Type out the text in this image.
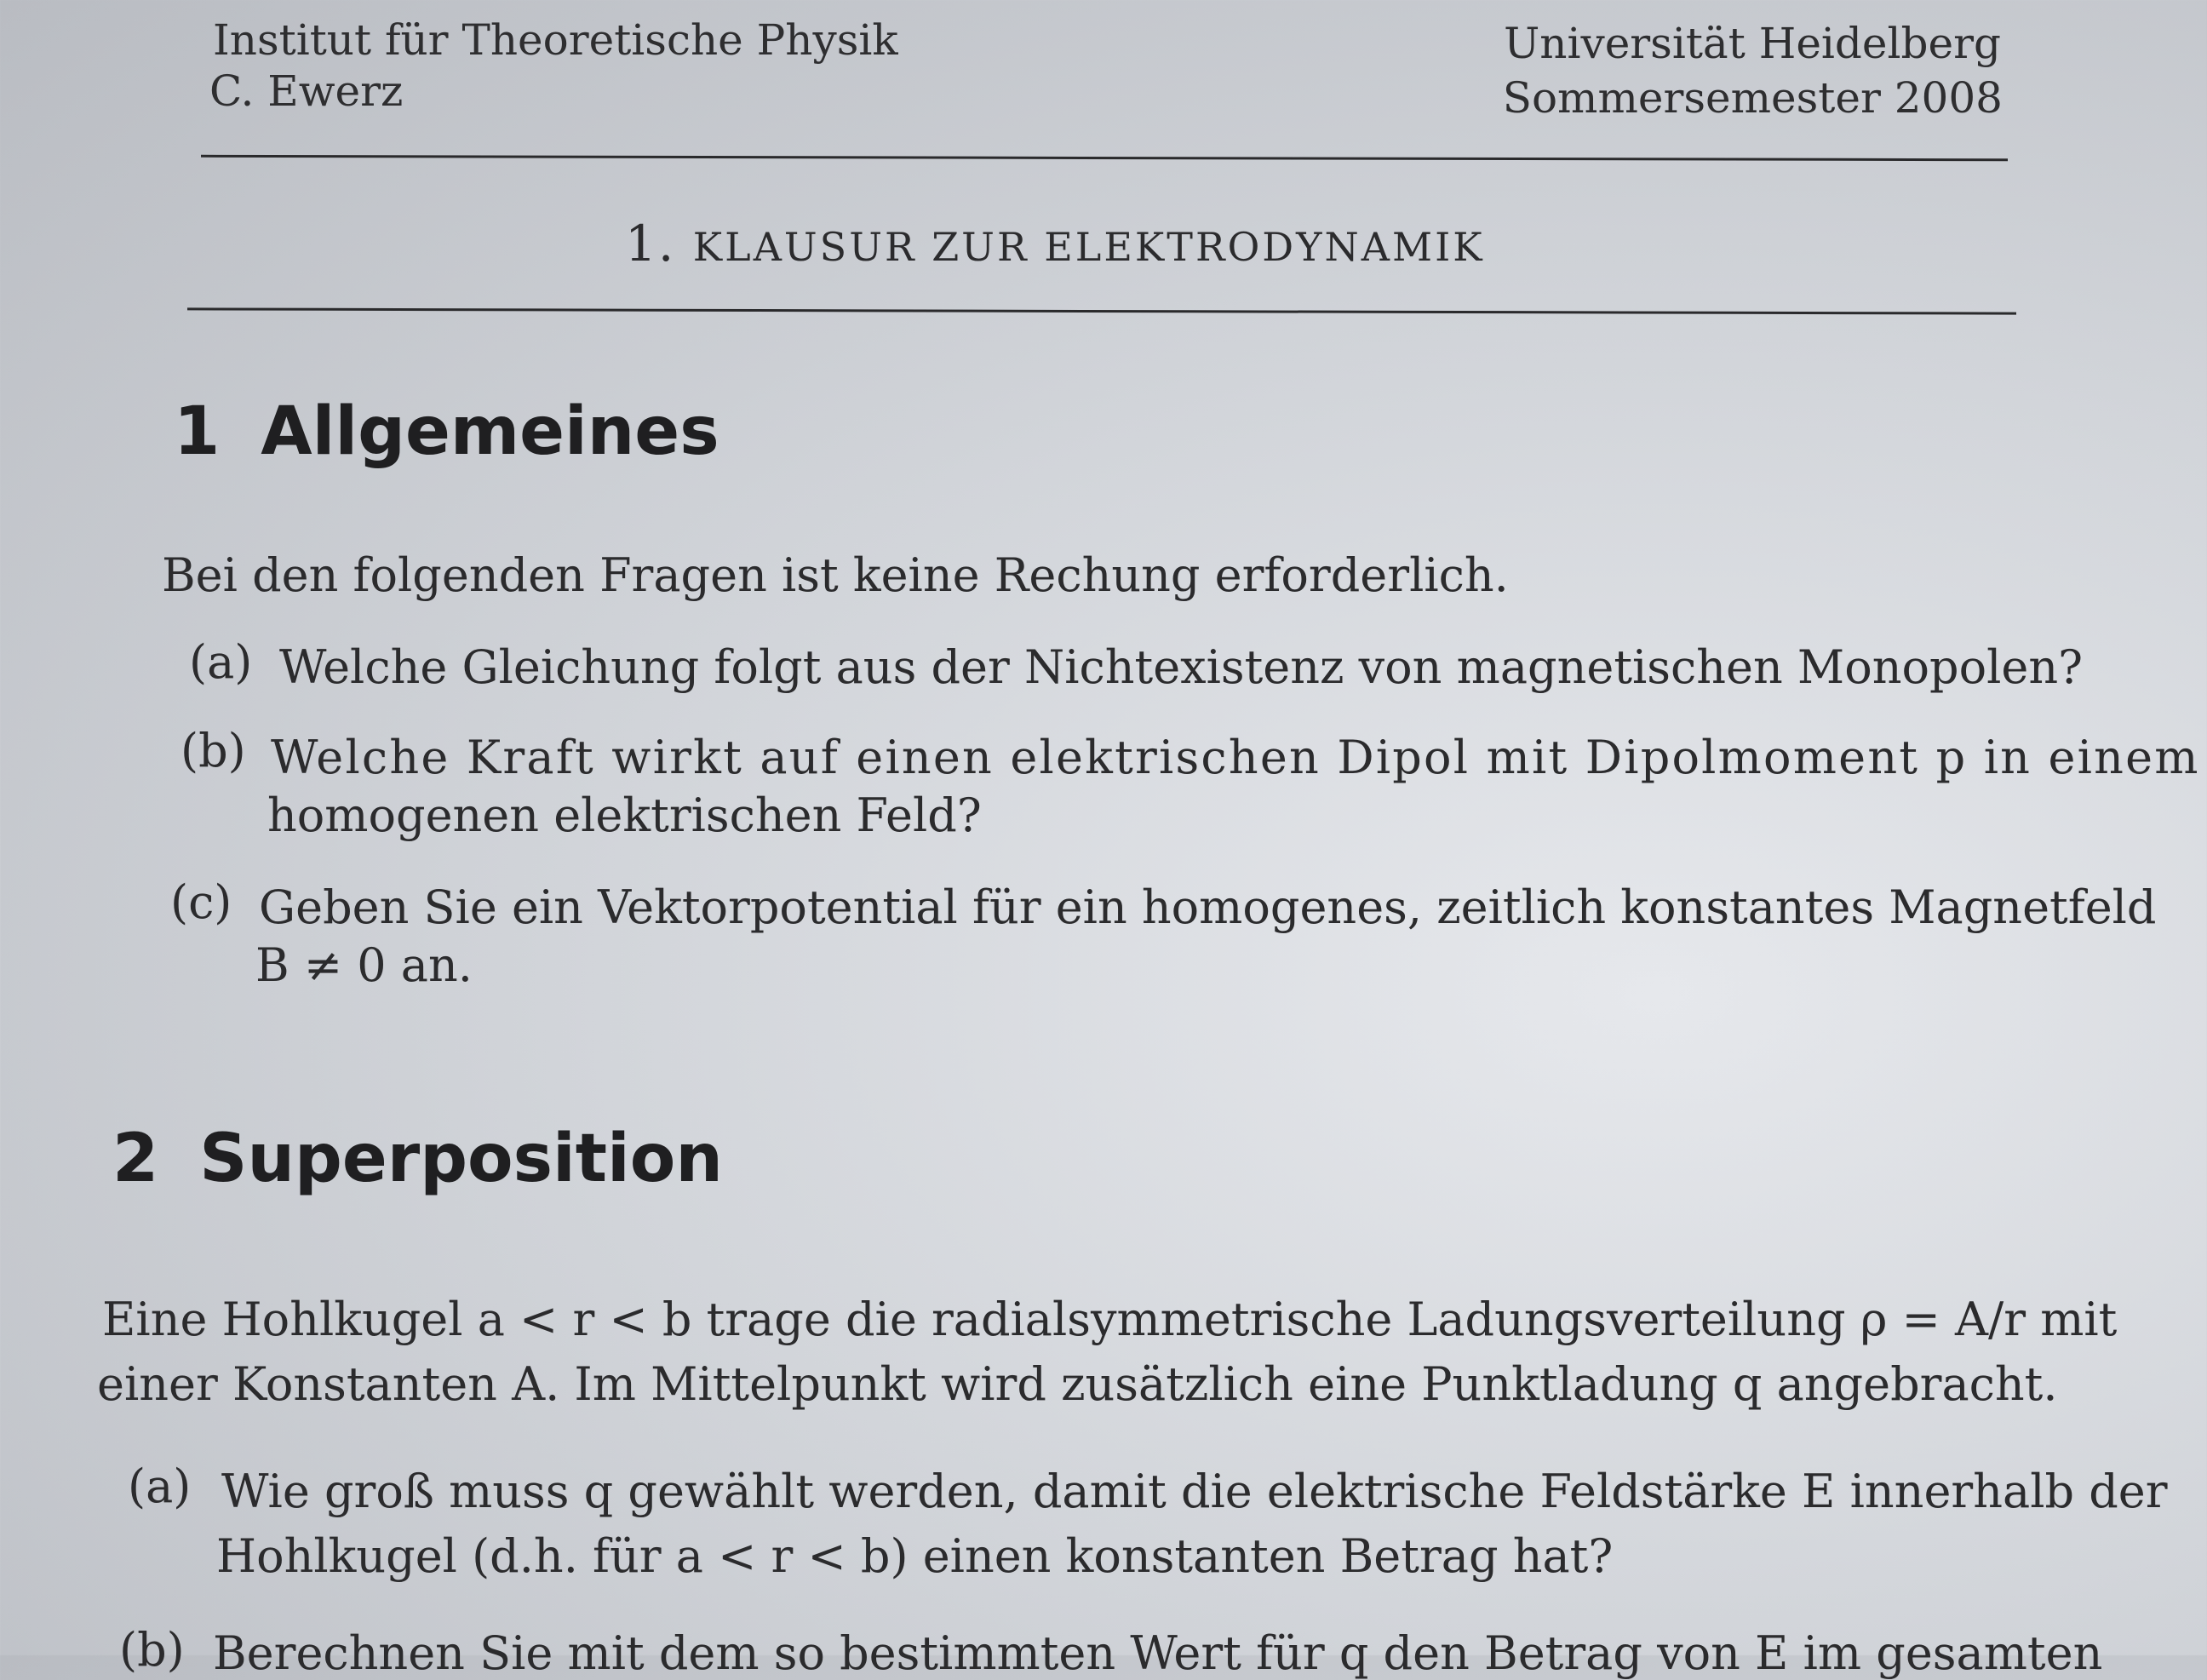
Institut für Theoretische Physik
C. Ewerz
Universität Heidelberg
Sommersemester 2008
1. KLAUSUR ZUR ELEKTRODYNAMIK
1 Allgemeines
Bei den folgenden Fragen ist keine Rechung erforderlich.
(a) Welche Gleichung folgt aus der Nichtexistenz von magnetischen Monopolen?
(b) Welche Kraft wirkt auf einen elektrischen Dipol mit Dipolmoment p in einem
homogenen elektrischen Feld?
(c) Geben Sie ein Vektorpotential für ein homogenes, zeitlich konstantes Magnetfeld
B ≠ 0 an.
2 Superposition
Eine Hohlkugel a < r < b trage die radialsymmetrische Ladungsverteilung ρ = A/r mit
einer Konstanten A. Im Mittelpunkt wird zusätzlich eine Punktladung q angebracht.
(a) Wie groß muss q gewählt werden, damit die elektrische Feldstärke E innerhalb der
Hohlkugel (d.h. für a < r < b) einen konstanten Betrag hat?
(b) Berechnen Sie mit dem so bestimmten Wert für q den Betrag von E im gesamten
